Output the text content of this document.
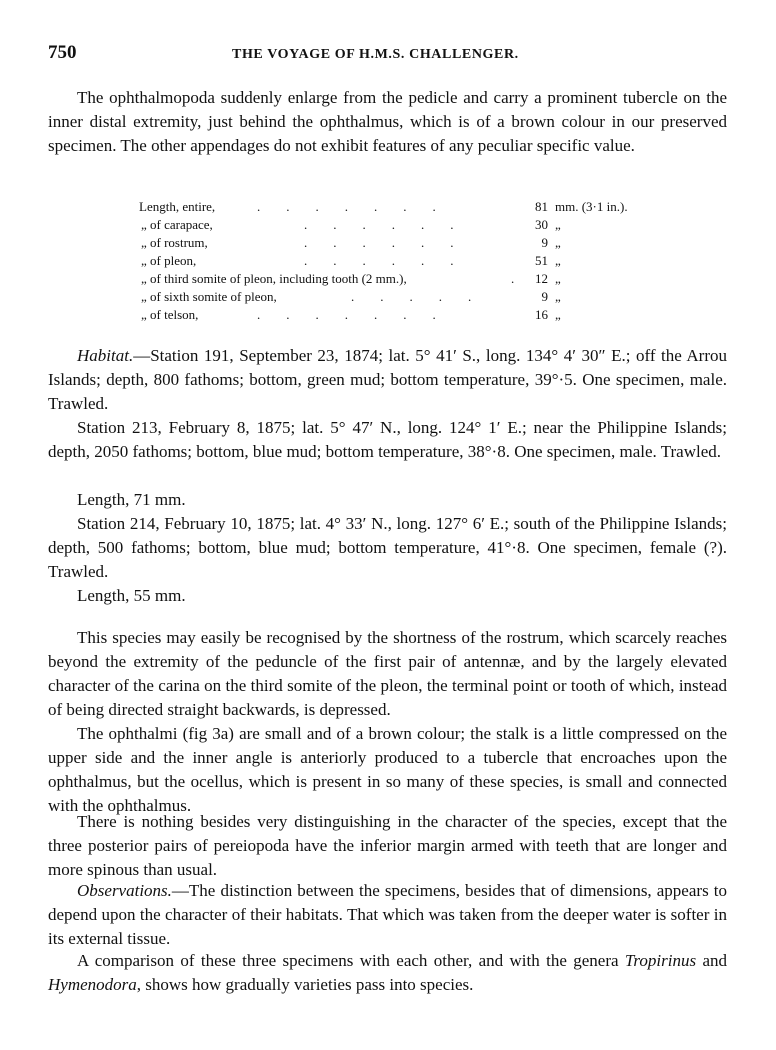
750	THE VOYAGE OF H.M.S. CHALLENGER.

The ophthalmopoda suddenly enlarge from the pedicle and carry a prominent tubercle on the inner distal extremity, just behind the ophthalmus, which is of a brown colour in our preserved specimen. The other appendages do not exhibit features of any peculiar specific value.

Length, entire,	.        .        .        .        .        .        .	81 mm. (3·1 in.).
„ of carapace,	.        .        .        .        .        .	30 „
„ of rostrum,	.        .        .        .        .        .	9 „
„ of pleon,	.        .        .        .        .        .	51 „
„ of third somite of pleon, including tooth (2 mm.),	.	12 „
„ of sixth somite of pleon,	.        .        .        .        .	9 „
„ of telson,	.        .        .        .        .        .        .	16 „

Habitat.—Station 191, September 23, 1874; lat. 5° 41′ S., long. 134° 4′ 30″ E.; off the Arrou Islands; depth, 800 fathoms; bottom, green mud; bottom temperature, 39°·5. One specimen, male. Trawled.

Station 213, February 8, 1875; lat. 5° 47′ N., long. 124° 1′ E.; near the Philippine Islands; depth, 2050 fathoms; bottom, blue mud; bottom temperature, 38°·8. One specimen, male. Trawled.

Length, 71 mm.

Station 214, February 10, 1875; lat. 4° 33′ N., long. 127° 6′ E.; south of the Philippine Islands; depth, 500 fathoms; bottom, blue mud; bottom temperature, 41°·8. One specimen, female (?). Trawled.

Length, 55 mm.

This species may easily be recognised by the shortness of the rostrum, which scarcely reaches beyond the extremity of the peduncle of the first pair of antennæ, and by the largely elevated character of the carina on the third somite of the pleon, the terminal point or tooth of which, instead of being directed straight backwards, is depressed.

The ophthalmi (fig 3a) are small and of a brown colour; the stalk is a little compressed on the upper side and the inner angle is anteriorly produced to a tubercle that encroaches upon the ophthalmus, but the ocellus, which is present in so many of these species, is small and connected with the ophthalmus.

There is nothing besides very distinguishing in the character of the species, except that the three posterior pairs of pereiopoda have the inferior margin armed with teeth that are longer and more spinous than usual.

Observations.—The distinction between the specimens, besides that of dimensions, appears to depend upon the character of their habitats. That which was taken from the deeper water is softer in its external tissue.

A comparison of these three specimens with each other, and with the genera Tropirinus and Hymenodora, shows how gradually varieties pass into species.
